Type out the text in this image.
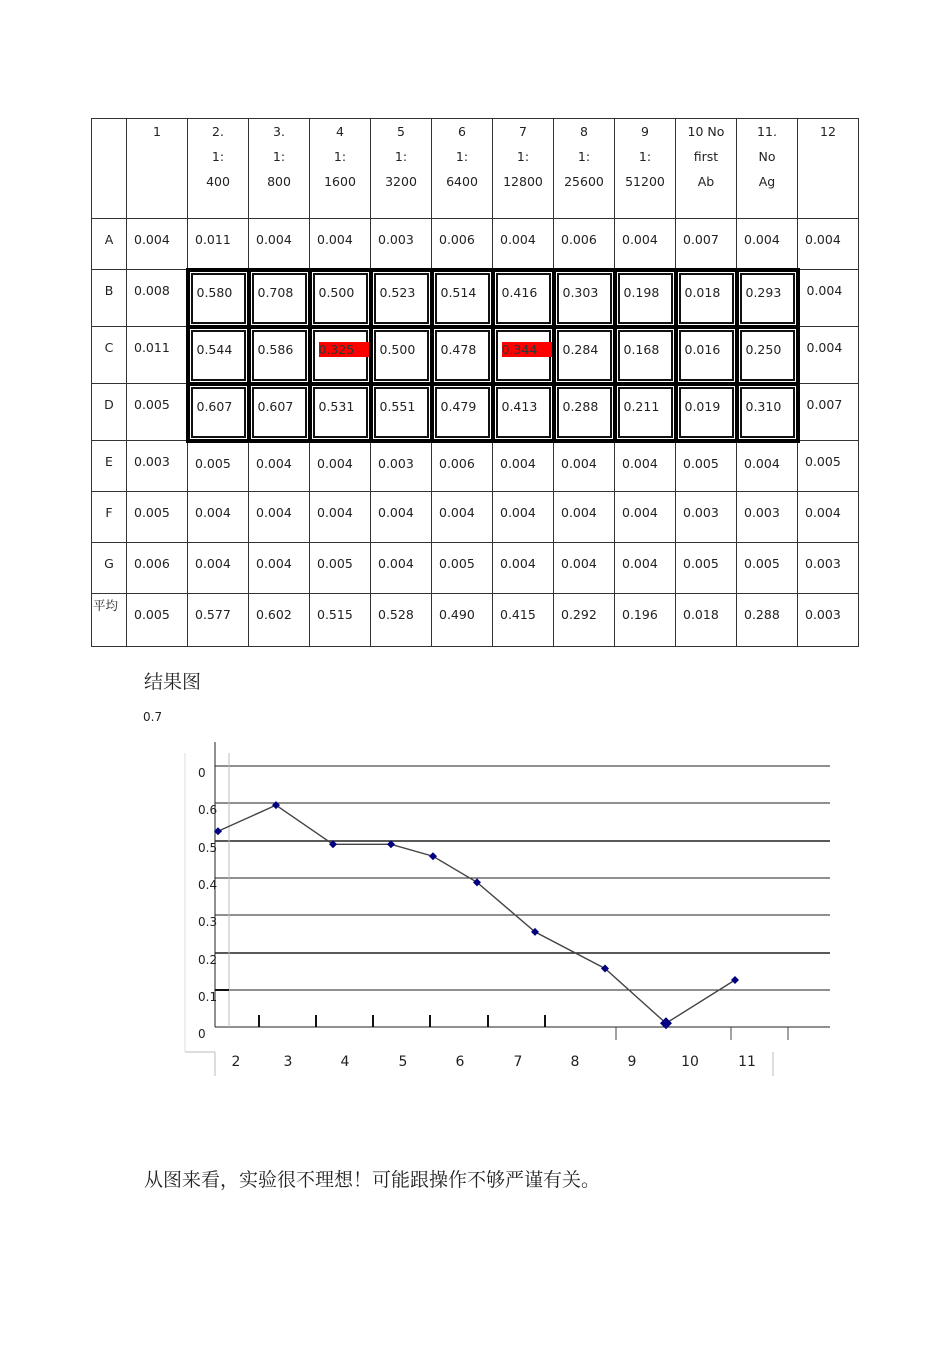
	1	2.
1:
400	3.
1:
800	4
1:
1600	5
1:
3200	6
1:
6400	7
1:
12800	8
1:
25600	9
1:
51200	10 No
first
Ab	11.
No
Ag	12

A	0.004	0.011	0.004	0.004	0.003	0.006	0.004	0.006	0.004	0.007	0.004	0.004
B	0.008	0.580	0.708	0.500	0.523	0.514	0.416	0.303	0.198	0.018	0.293	0.004
C	0.011	0.544	0.586	0.325	0.500	0.478	0.344	0.284	0.168	0.016	0.250	0.004
D	0.005	0.607	0.607	0.531	0.551	0.479	0.413	0.288	0.211	0.019	0.310	0.007
E	0.003	0.005	0.004	0.004	0.003	0.006	0.004	0.004	0.004	0.005	0.004	0.005
F	0.005	0.004	0.004	0.004	0.004	0.004	0.004	0.004	0.004	0.003	0.003	0.004
G	0.006	0.004	0.004	0.005	0.004	0.005	0.004	0.004	0.004	0.005	0.005	0.003
平均	0.005	0.577	0.602	0.515	0.528	0.490	0.415	0.292	0.196	0.018	0.288	0.003
结果图
0.7
0
0.6
0.5
0.4
0.3
0.2
0.1
0
2	3	4	5	6	7	8	9	10	11
从图来看，实验很不理想！可能跟操作不够严谨有关。
